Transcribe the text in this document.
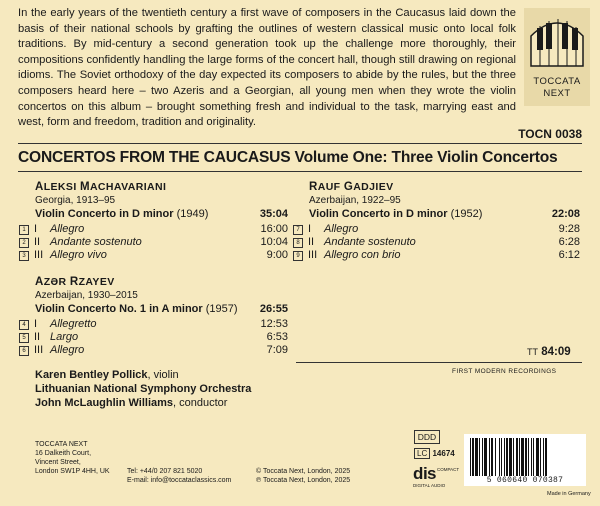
In the early years of the twentieth century a first wave of composers in the Caucasus laid down the basis of their national schools by grafting the outlines of western classical music onto local folk traditions. By mid-century a second generation took up the challenge more thoroughly, their compositions confidently handling the large forms of the concert hall, though still drawing on regional idioms. The Soviet orthodoxy of the day expected its composers to abide by the rules, but the three composers heard here – two Azeris and a Georgian, all young men when they wrote the violin concertos on this album – brought something fresh and individual to the task, marrying east and west, form and freedom, tradition and originality.
TOCCATA
NEXT
TOCN 0038
CONCERTOS FROM THE CAUCASUS Volume One: Three Violin Concertos
ALEKSI MACHAVARIANI
Georgia, 1913–95
Violin Concerto in D minor (1949)	35:04
1 I Allegro	16:00
2 II Andante sostenuto	10:04
3 III Allegro vivo	9:00
AZƏR RZAYEV
Azerbaijan, 1930–2015
Violin Concerto No. 1 in A minor (1957) 26:55
4 I Allegretto	12:53
5 II Largo	6:53
6 III Allegro	7:09
RAUF GADJIEV
Azerbaijan, 1922–95
Violin Concerto in D minor (1952)	22:08
7 I Allegro	9:28
8 II Andante sostenuto	6:28
9 III Allegro con brio	6:12
TT 84:09
FIRST MODERN RECORDINGS
Karen Bentley Pollick, violin
Lithuanian National Symphony Orchestra
John McLaughlin Williams, conductor
TOCCATA NEXT
16 Dalkeith Court,
Vincent Street,
London SW1P 4HH, UK Tel: +44/0 207 821 5020
E-mail: info@toccataclassics.com
© Toccata Next, London, 2025
℗ Toccata Next, London, 2025
DDD
LC 14674
d i s COMPACT
DIGITAL AUDIO
5 060640 070387
Made in Germany
